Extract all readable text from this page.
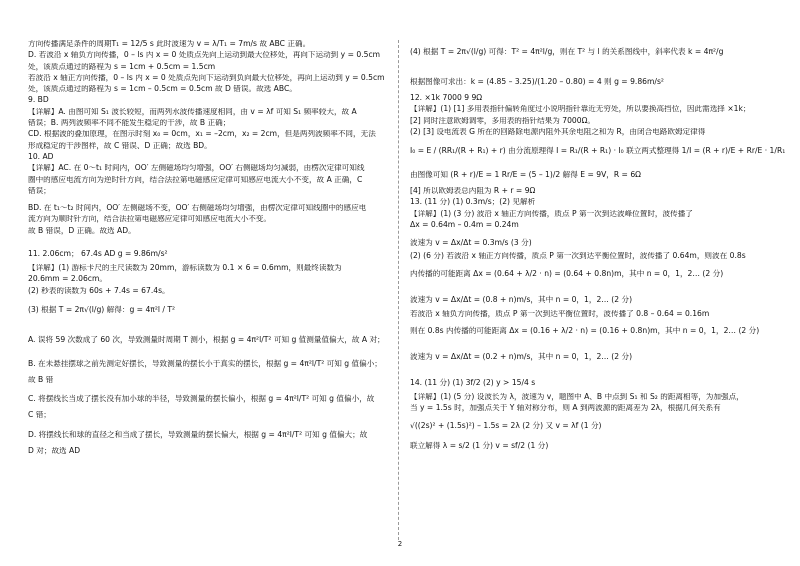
方向传播满足条件的周期T₁ = 12/5 s 此时波速为 v = λ/T₁ = 7m/s 故 ABC 正确。
D. 若波沿 x 轴负方向传播，0 – ls 内 x = 0 处质点先向上运动到最大位移处，再向下运动到 y = 0.5cm
处，该质点通过的路程为 s = 1cm + 0.5cm = 1.5cm
若波沿 x 轴正方向传播，0 – ls 内 x = 0 处质点先向下运动到负向最大位移处，再向上运动到 y = 0.5cm
处，该质点通过的路程为 s = 1cm – 0.5cm = 0.5cm 故 D 错误。故选 ABC。
9. BD
【详解】A. 由图可知 S₁ 波长较短，而两列水波传播速度相同，由 v = λf 可知 S₁ 频率较大，故 A
错误；B. 两列波频率不同不能发生稳定的干涉，故 B 正确；
CD. 根据波的叠加原理，在图示时刻 x₀ = 0cm，x₁ = –2cm，x₂ = 2cm，但是两列波频率不同，无法
形成稳定的干涉图样，故 C 错误、D 正确；故选 BD。
10. AD
【详解】AC. 在 0～t₁ 时间内，OO′ 左侧磁场均匀增强，OO′ 右侧磁场均匀减弱，由楞次定律可知线
圈中的感应电流方向为逆时针方向，结合法拉第电磁感应定律可知感应电流大小不变，故 A 正确，C
错误；
BD. 在 t₁～t₂ 时间内，OO′ 左侧磁场不变，OO′ 右侧磁场均匀增强，由楞次定律可知线圈中的感应电
流方向为顺时针方向，结合法拉第电磁感应定律可知感应电流大小不变。
故 B 错误，D 正确。故选 AD。
11. 2.06cm； 67.4s AD g = 9.86m/s²
【详解】(1) 游标卡尺的主尺读数为 20mm，游标读数为 0.1 × 6 = 0.6mm，则最终读数为
20.6mm = 2.06cm。
(2) 秒表的读数为 60s + 7.4s = 67.4s。
(3) 根据 T = 2π√(l/g) 解得：g = 4π²l / T²
A. 误将 59 次数成了 60 次，导致测量时周期 T 测小，根据 g = 4π²l/T² 可知 g 值测量值偏大，故 A 对；
B. 在未悬挂摆球之前先测定好摆长，导致测量的摆长小于真实的摆长，根据 g = 4π²l/T² 可知 g 值偏小；
故 B 错
C. 将摆线长当成了摆长没有加小球的半径，导致测量的摆长偏小，根据 g = 4π²l/T² 可知 g 值偏小，故
C 错；
D. 将摆线长和球的直径之和当成了摆长，导致测量的摆长偏大，根据 g = 4π²l/T² 可知 g 值偏大；故
D 对；故选 AD
(4) 根据 T = 2π√(l/g) 可得：T² = 4π²l/g，则在 T² 与 l 的关系图线中，斜率代表 k = 4π²/g
根据图像可求出：k = (4.85 – 3.25)/(1.20 – 0.80) = 4 则 g = 9.86m/s²
12. ×1k 7000 9 9Ω
【详解】(1) [1] 多用表指针偏转角度过小说明指针靠近无穷处，所以要换高挡位，因此需选择 ×1k；
[2] 同时注意欧姆调零，多用表的指针结果为 7000Ω。
(2) [3] 设电流表 G 所在的回路除电源内阻外其余电阻之和为 R，由闭合电路欧姆定律得
I₀ = E / (RR₁/(R + R₁) + r) 由分流原理得 I = R₁/(R + R₁) · I₀ 联立两式整理得 1/I = (R + r)/E + Rr/E · 1/R₁
由图像可知 (R + r)/E = 1 Rr/E = (5 – 1)/2 解得 E = 9V，R = 6Ω
[4] 所以欧姆表总内阻为 R + r = 9Ω
13. (11 分) (1) 0.3m/s；(2) 见解析
【详解】(1) (3 分) 波沿 x 轴正方向传播，质点 P 第一次到达波峰位置时，波传播了
Δx = 0.64m – 0.4m = 0.24m
波速为 v = Δx/Δt = 0.3m/s (3 分)
(2) (6 分) 若波沿 x 轴正方向传播，质点 P 第一次到达平衡位置时，波传播了 0.64m，则波在 0.8s
内传播的可能距离 Δx = (0.64 + λ/2 · n) = (0.64 + 0.8n)m，其中 n = 0，1，2… (2 分)
波速为 v = Δx/Δt = (0.8 + n)m/s，其中 n = 0，1，2… (2 分)
若波沿 x 轴负方向传播，质点 P 第一次到达平衡位置时，波传播了 0.8 – 0.64 = 0.16m
则在 0.8s 内传播的可能距离 Δx = (0.16 + λ/2 · n) = (0.16 + 0.8n)m，其中 n = 0，1，2… (2 分)
波速为 v = Δx/Δt = (0.2 + n)m/s，其中 n = 0，1，2… (2 分)
14. (11 分) (1) 3f/2 (2) y > 15/4 s
【详解】(1) (5 分) 设波长为 λ，波速为 v，题图中 A、B 中点到 S₁ 和 S₂ 的距离相等，为加强点，
当 y = 1.5s 时，加强点关于 Y 轴对称分布，则 A 到两波源的距离差为 2λ，根据几何关系有
√((2s)² + (1.5s)²) – 1.5s = 2λ (2 分) 又 v = λf (1 分)
联立解得 λ = s/2 (1 分) v = sf/2 (1 分)
2
